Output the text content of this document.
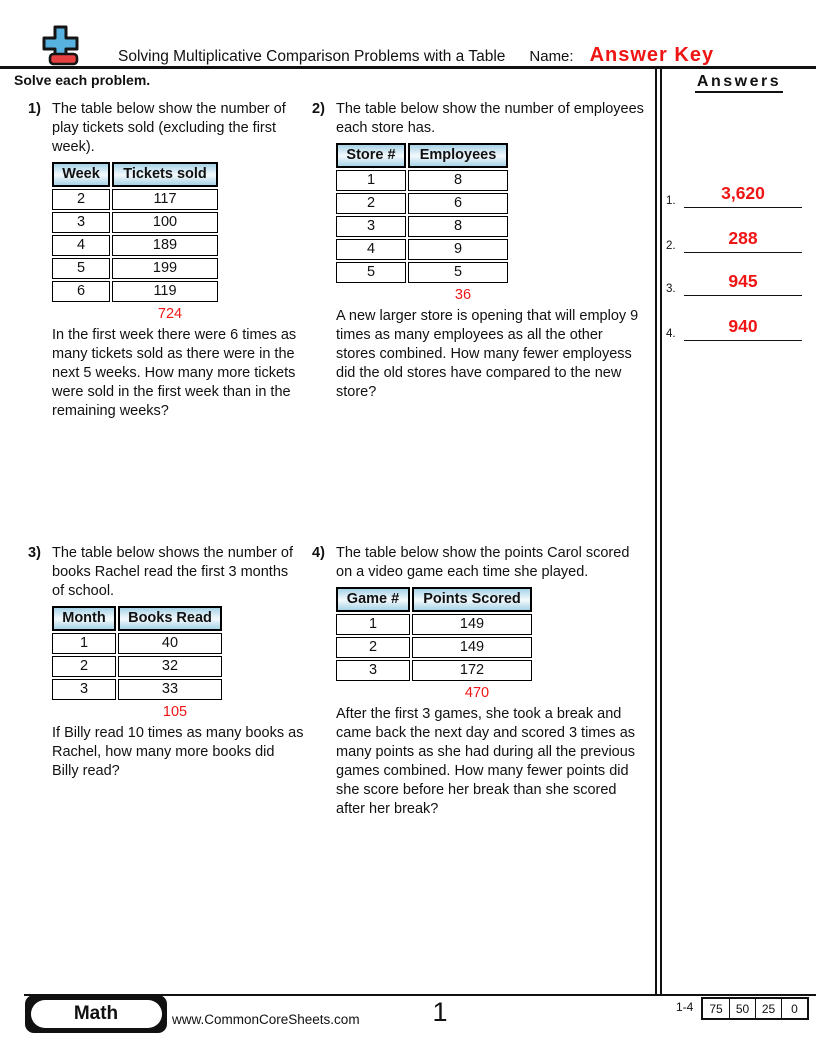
Solving Multiplicative Comparison Problems with a Table Name: Answer Key
Solve each problem.	Answers
1.	3,620
2.	288
3.	945
4.	940
1) The table below show the number of play tickets sold (excluding the first week).
Week	Tickets sold
2	117
3	100
4	189
5	199
6	119
724
In the first week there were 6 times as many tickets sold as there were in the next 5 weeks. How many more tickets were sold in the first week than in the remaining weeks?
2) The table below show the number of employees each store has.
Store #	Employees
1	8
2	6
3	8
4	9
5	5
36
A new larger store is opening that will employ 9 times as many employees as all the other stores combined. How many fewer employess did the old stores have compared to the new store?
3) The table below shows the number of books Rachel read the first 3 months of school.
Month	Books Read
1	40
2	32
3	33
105
If Billy read 10 times as many books as Rachel, how many more books did Billy read?
4) The table below show the points Carol scored on a video game each time she played.
Game #	Points Scored
1	149
2	149
3	172
470
After the first 3 games, she took a break and came back the next day and scored 3 times as many points as she had during all the previous games combined. How many fewer points did she score before her break than she scored after her break?
Math	www.CommonCoreSheets.com	1	1-4	75	50	25	0
